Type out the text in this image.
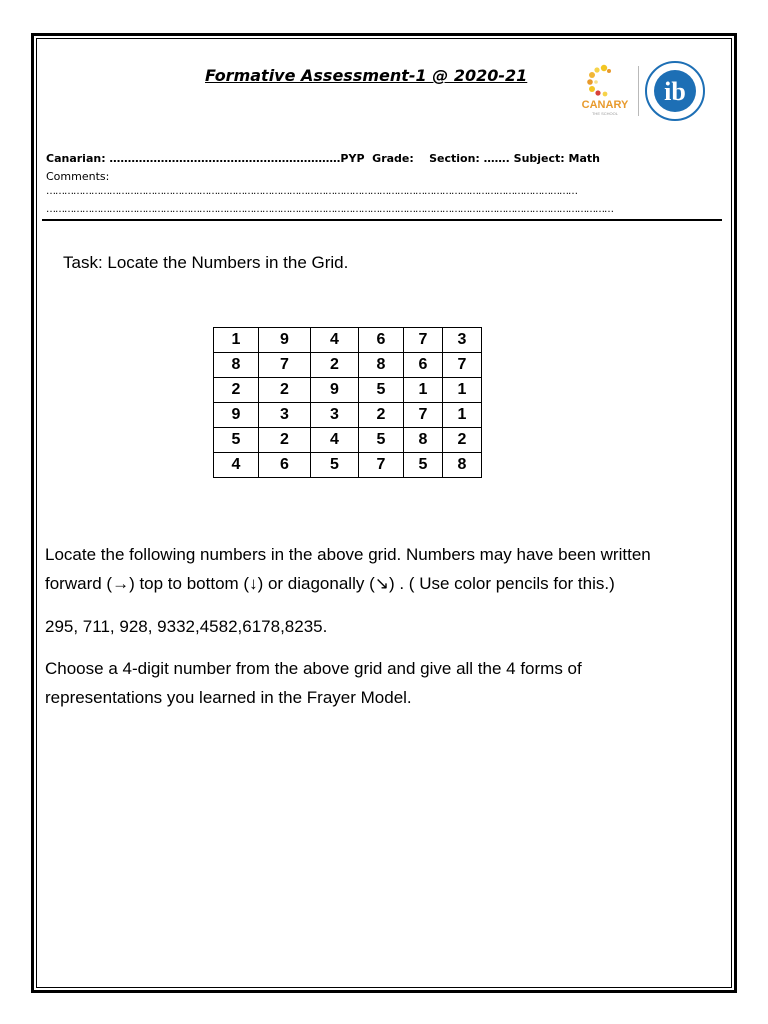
Formative Assessment-1 @ 2020-21
CANARY
THE SCHOOL
ib
Canarian: ………………………………………………………PYP  Grade:    Section: ……. Subject: Math
Comments:
……………………………………………………………………………………………………………………………………………………………
………………………………………………………………………………………………………………………………………………………………………
Task: Locate the Numbers in the Grid.
1	9	4	6	7	3
8	7	2	8	6	7
2	2	9	5	1	1
9	3	3	2	7	1
5	2	4	5	8	2
4	6	5	7	5	8
Locate the following numbers in the above grid. Numbers may have been written
forward (→) top to bottom (↓) or diagonally (↘) . ( Use color pencils for this.)
295, 711, 928, 9332,4582,6178,8235.
Choose a 4-digit number from the above grid and give all the 4 forms of
representations you learned in the Frayer Model.
